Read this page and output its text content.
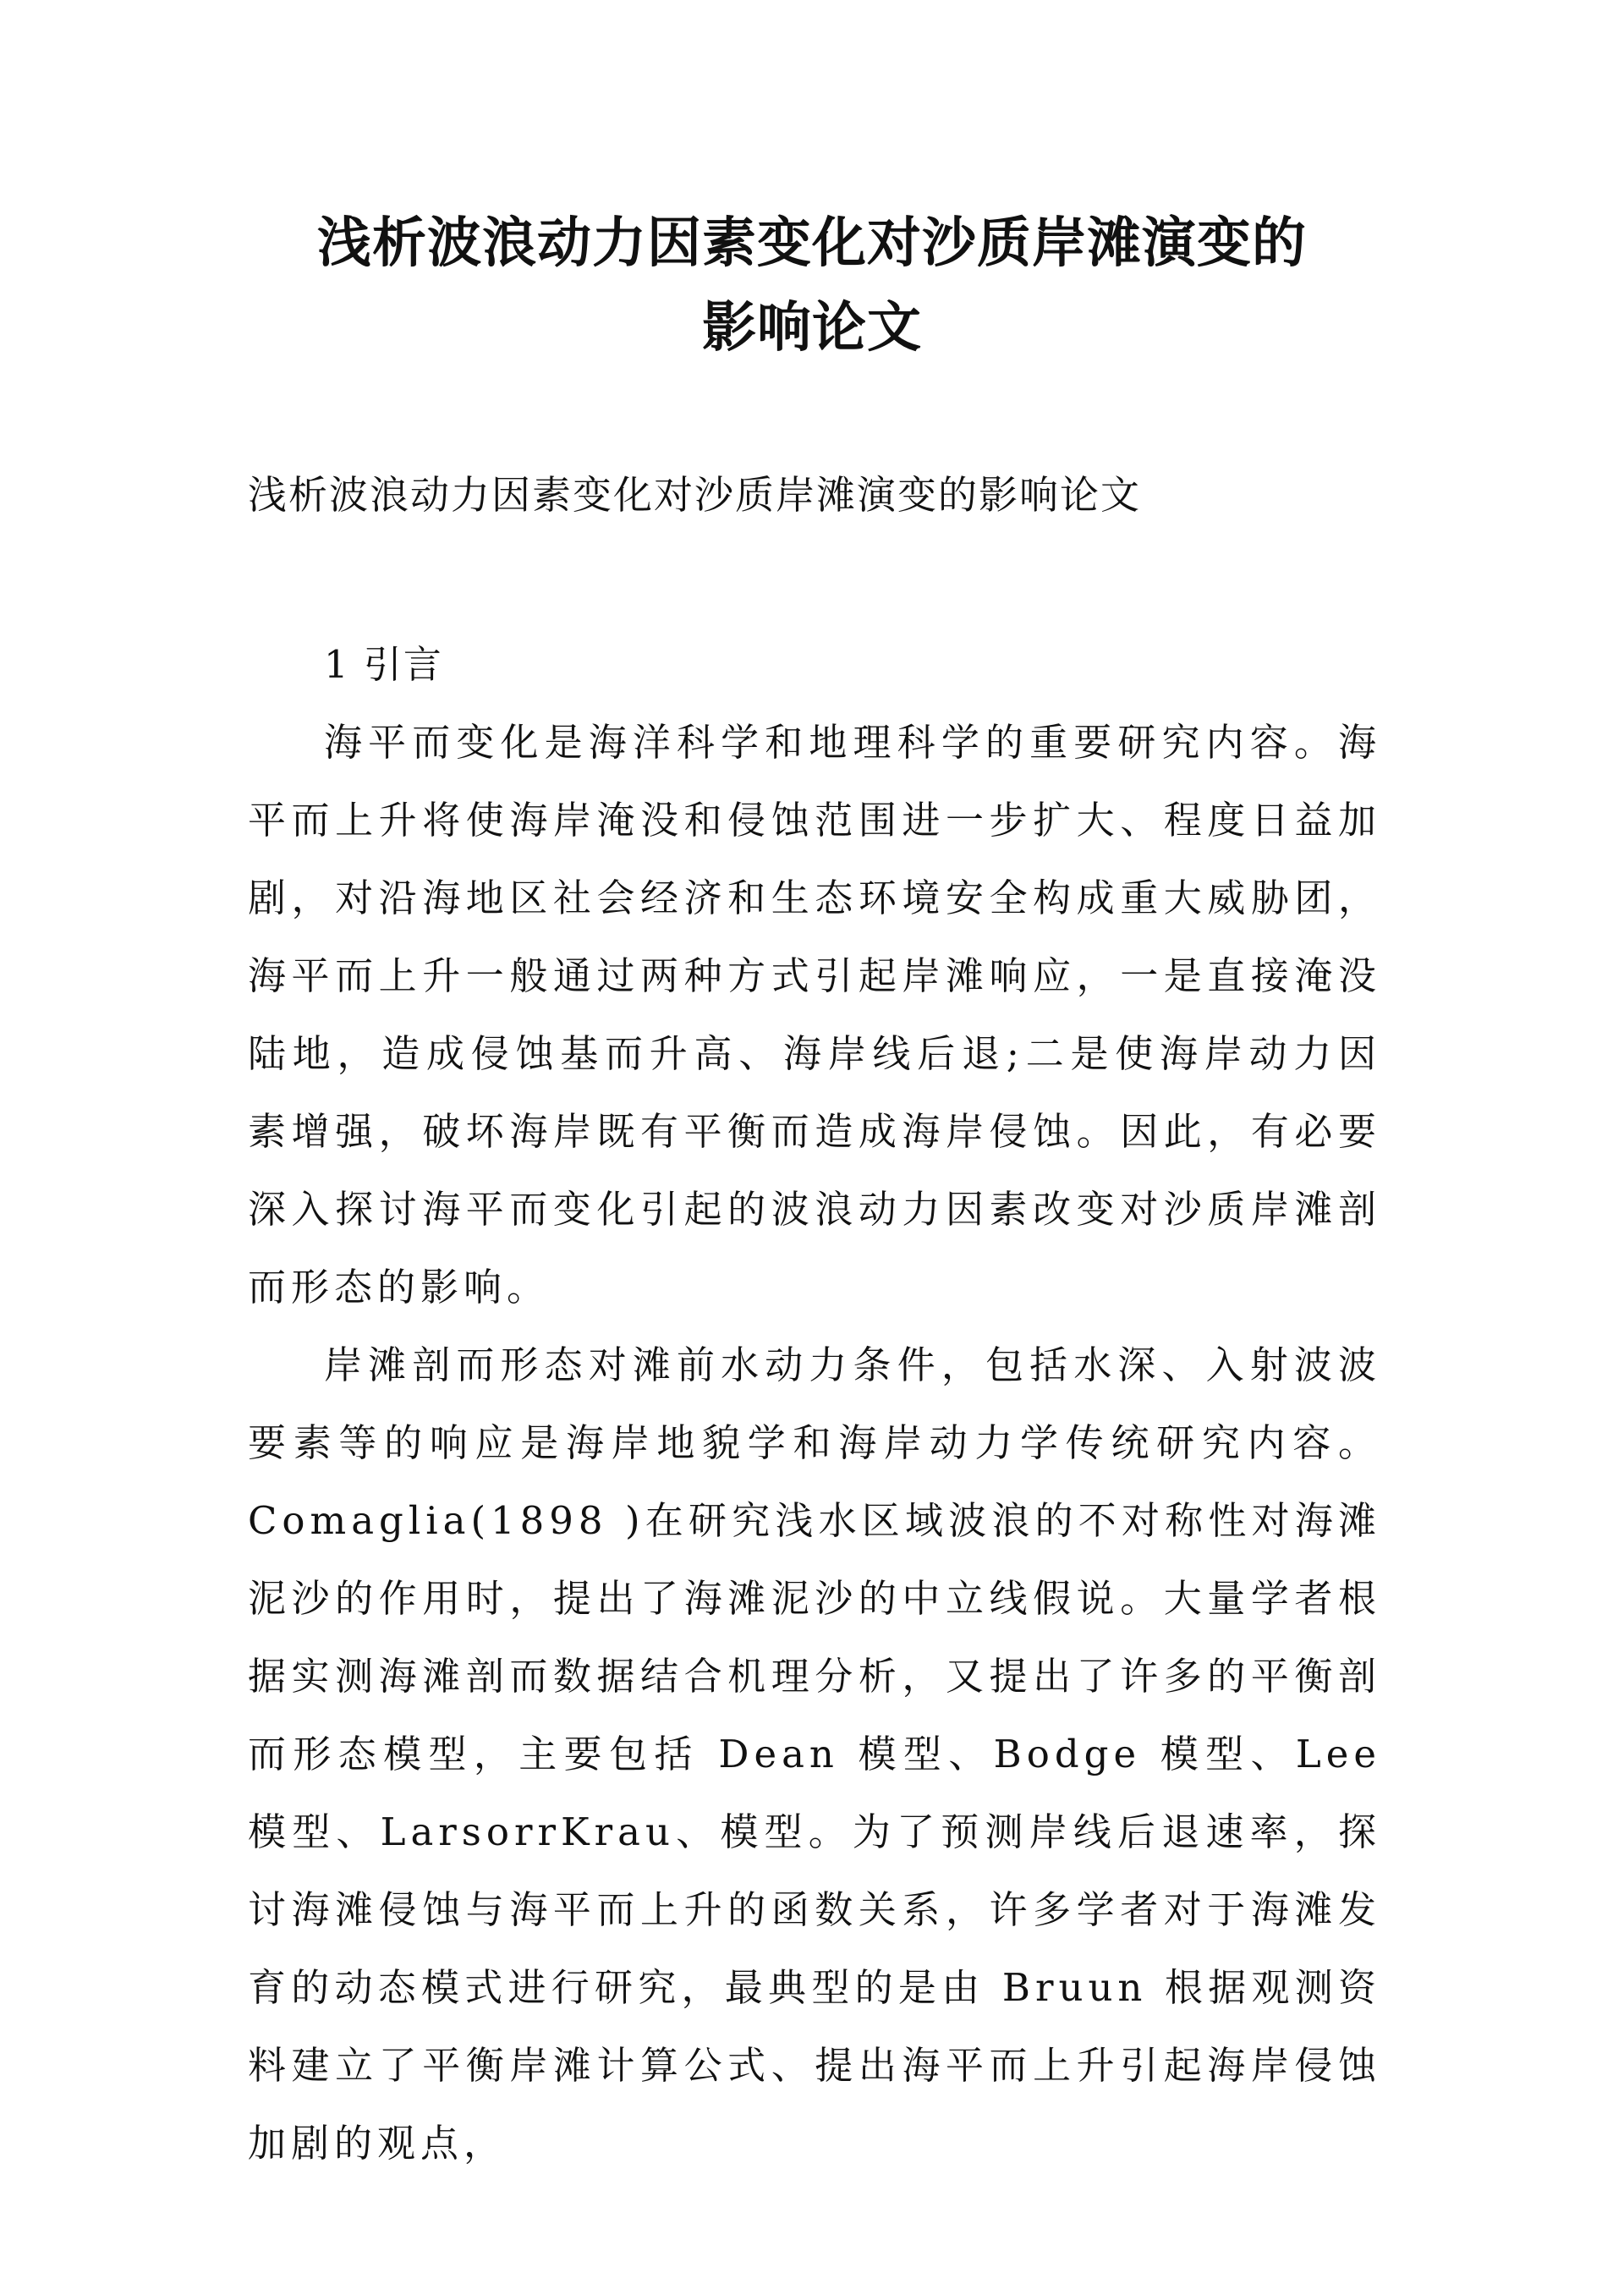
浅析波浪动力因素变化对沙质岸滩演变的
影响论文

浅析波浪动力因素变化对沙质岸滩演变的影响论文

1 引言

海平而变化是海洋科学和地理科学的重要研究内容。海平而上升将使海岸淹没和侵蚀范围进一步扩大、程度日益加剧，对沿海地区社会经济和生态环境安全构成重大威胁团，海平而上升一般通过两种方式引起岸滩响应，一是直接淹没陆地，造成侵蚀基而升高、海岸线后退;二是使海岸动力因素增强，破坏海岸既有平衡而造成海岸侵蚀。因此，有必要深入探讨海平而变化引起的波浪动力因素改变对沙质岸滩剖而形态的影响。

岸滩剖而形态对滩前水动力条件，包括水深、入射波波要素等的响应是海岸地貌学和海岸动力学传统研究内容。Comaglia(1898 )在研究浅水区域波浪的不对称性对海滩泥沙的作用时，提出了海滩泥沙的中立线假说。大量学者根据实测海滩剖而数据结合机理分析，又提出了许多的平衡剖而形态模型，主要包括 Dean 模型、Bodge 模型、Lee 模型、LarsorrKrau、模型。为了预测岸线后退速率，探讨海滩侵蚀与海平而上升的函数关系，许多学者对于海滩发育的动态模式进行研究，最典型的是由 Bruun 根据观测资料建立了平衡岸滩计算公式、提出海平而上升引起海岸侵蚀加剧的观点，
